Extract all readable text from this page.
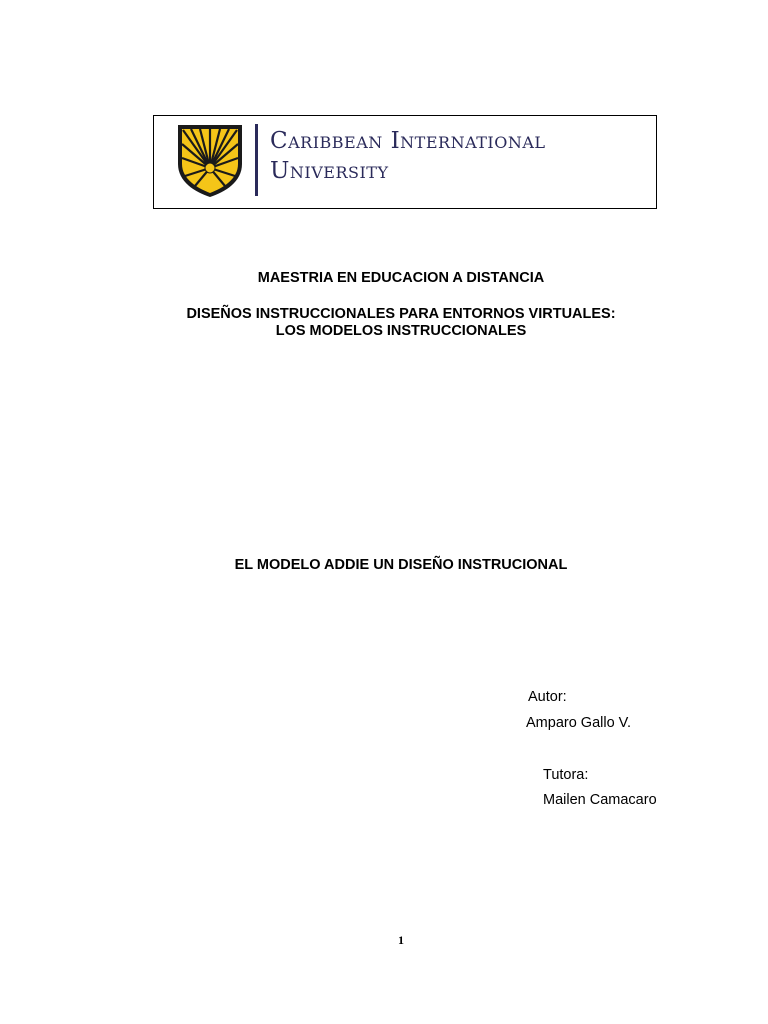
Caribbean International
University
MAESTRIA EN EDUCACION A DISTANCIA
DISEÑOS INSTRUCCIONALES PARA ENTORNOS VIRTUALES:
LOS MODELOS INSTRUCCIONALES
EL MODELO ADDIE UN DISEÑO INSTRUCIONAL
Autor:
Amparo Gallo V.
Tutora:
Mailen Camacaro
1
